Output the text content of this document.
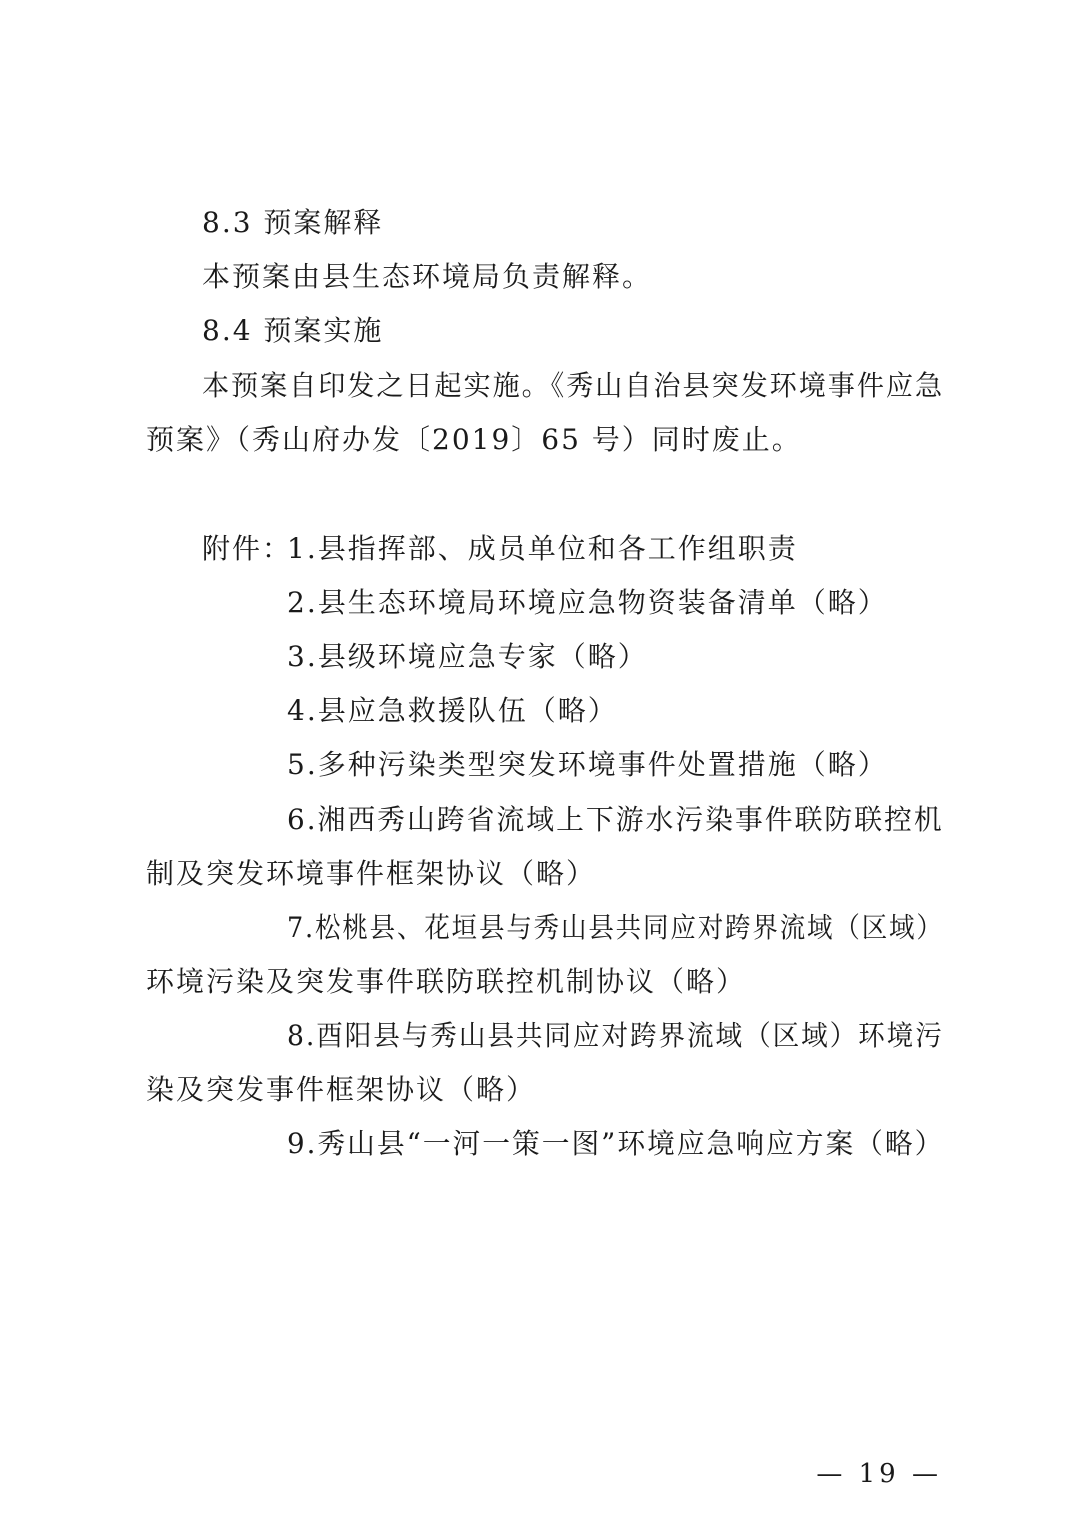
8.3 预案解释
本预案由县生态环境局负责解释。
8.4 预案实施
本预案自印发之日起实施。《秀山自治县突发环境事件应急
预案》（秀山府办发〔2019〕65 号）同时废止。
附件：
1.县指挥部、成员单位和各工作组职责
2.县生态环境局环境应急物资装备清单（略）
3.县级环境应急专家（略）
4.县应急救援队伍（略）
5.多种污染类型突发环境事件处置措施（略）
6.湘西秀山跨省流域上下游水污染事件联防联控机
制及突发环境事件框架协议（略）
7.松桃县、花垣县与秀山县共同应对跨界流域（区域）
环境污染及突发事件联防联控机制协议（略）
8.酉阳县与秀山县共同应对跨界流域（区域）环境污
染及突发事件框架协议（略）
9.秀山县“一河一策一图”环境应急响应方案（略）
— 19 —
